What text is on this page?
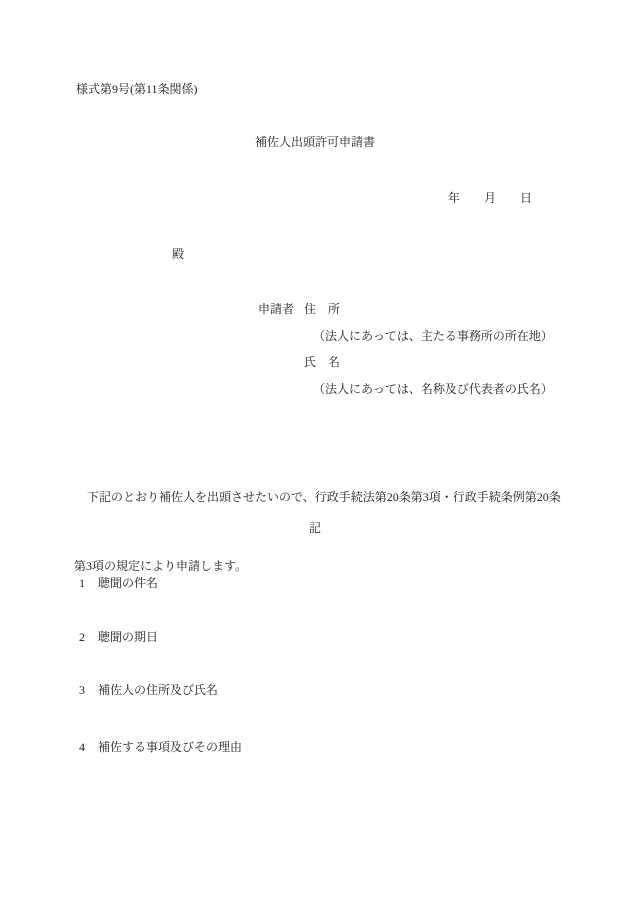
様式第9号(第11条関係)
補佐人出頭許可申請書
年 月 日
殿
申請者 住　所
（法人にあっては、主たる事務所の所在地）
氏　名
（法人にあっては、名称及び代表者の氏名）

下記のとおり補佐人を出頭させたいので、行政手続法第20条第3項・行政手続条例第20条

第3項の規定により申請します。

記
1 聴聞の件名
2 聴聞の期日
3 補佐人の住所及び氏名
4 補佐する事項及びその理由
